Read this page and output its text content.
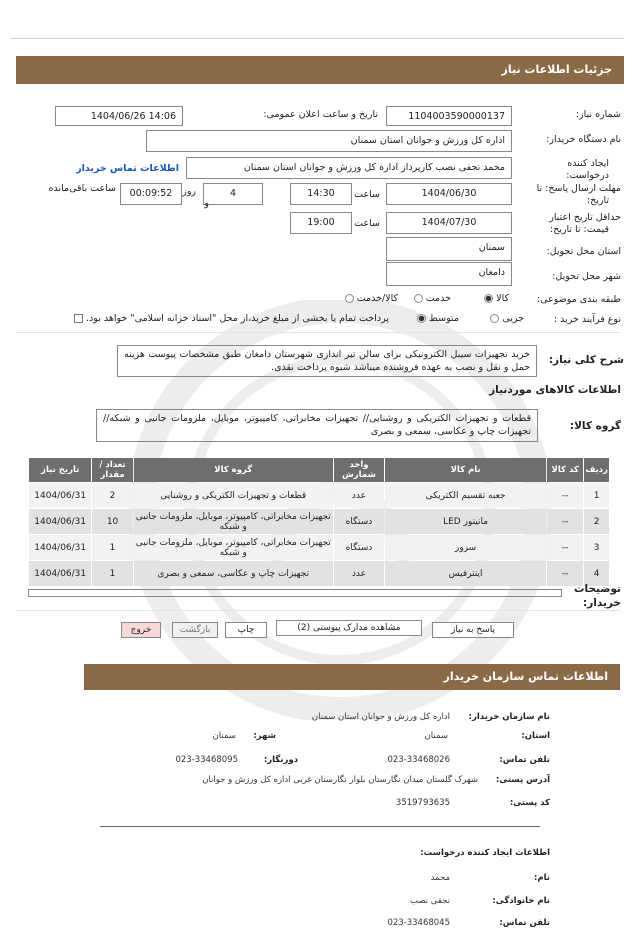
جزئیات اطلاعات نیاز
شماره نیاز:
1104003590000137
تاریخ و ساعت اعلان عمومی:
1404/06/26 14:06
نام دستگاه خریدار:
اداره کل ورزش و جوانان استان سمنان
ایجاد کننده
درخواست:
محمد نجفی نصب کارپرداز اداره کل ورزش و جوانان استان سمنان
اطلاعات تماس خریدار
مهلت ارسال پاسخ: تا
تاریخ:
1404/06/30
ساعت
14:30
4
روز
و
00:09:52
ساعت باقی‌مانده
حداقل تاریخ اعتبار
قیمت: تا تاریخ:
1404/07/30
ساعت
19:00
استان محل تحویل:
سمنان
شهر محل تحویل:
دامغان
طبقه بندی موضوعی:
کالا
خدمت
کالا/خدمت
نوع فرآیند خرید :
جزیی
متوسط
پرداخت تمام یا بخشی از مبلغ خرید،از محل "اسناد خزانه اسلامی" خواهد بود.
شرح کلی نیاز:
خرید تجهیزات سیبل الکترونیکی برای سالن تیر اندازی شهرستان دامغان طبق مشخصات پیوست هزینه حمل و نقل و نصب به عهده فروشنده میباشد شیوه پرداخت نقدی.
اطلاعات کالاهای موردنیاز
گروه کالا:
قطعات و تجهیزات الکتریکی و روشنایی// تجهیزات مخابراتی، کامپیوتر، موبایل، ملزومات جانبی و شبکه// تجهیزات چاپ و عکاسی، سمعی و بصری
ردیف	کد کالا	نام کالا	واحد شمارش	گروه کالا	تعداد / مقدار	تاریخ نیاز
1	--	جعبه تقسیم الکتریکی	عدد	قطعات و تجهیزات الکتریکی و روشنایی	2	1404/06/31
2	--	مانیتور LED	دستگاه	تجهیزات مخابراتی، کامپیوتر، موبایل، ملزومات جانبی و شبکه	10	1404/06/31
3	--	سرور	دستگاه	تجهیزات مخابراتی، کامپیوتر، موبایل، ملزومات جانبی و شبکه	1	1404/06/31
4	--	اینترفیس	عدد	تجهیزات چاپ و عکاسی، سمعی و بصری	1	1404/06/31
توضیحات
خریدار:
پاسخ به نیاز
مشاهده مدارک پیوستی (2)
چاپ
بازگشت
خروج
اطلاعات تماس سازمان خریدار
نام سازمان خریدار:
اداره کل ورزش و جوانان استان سمنان
استان:
سمنان
شهر:
سمنان
تلفن تماس:
023-33468026
دورنگار:
023-33468095
آدرس پستی:
شهرک گلستان میدان نگارستان بلوار نگارستان غربی اداره کل ورزش و جوانان
کد پستی:
3519793635
اطلاعات ایجاد کننده درخواست:
نام:
محمد
نام خانوادگی:
نجفی نصب
تلفن تماس:
023-33468045
